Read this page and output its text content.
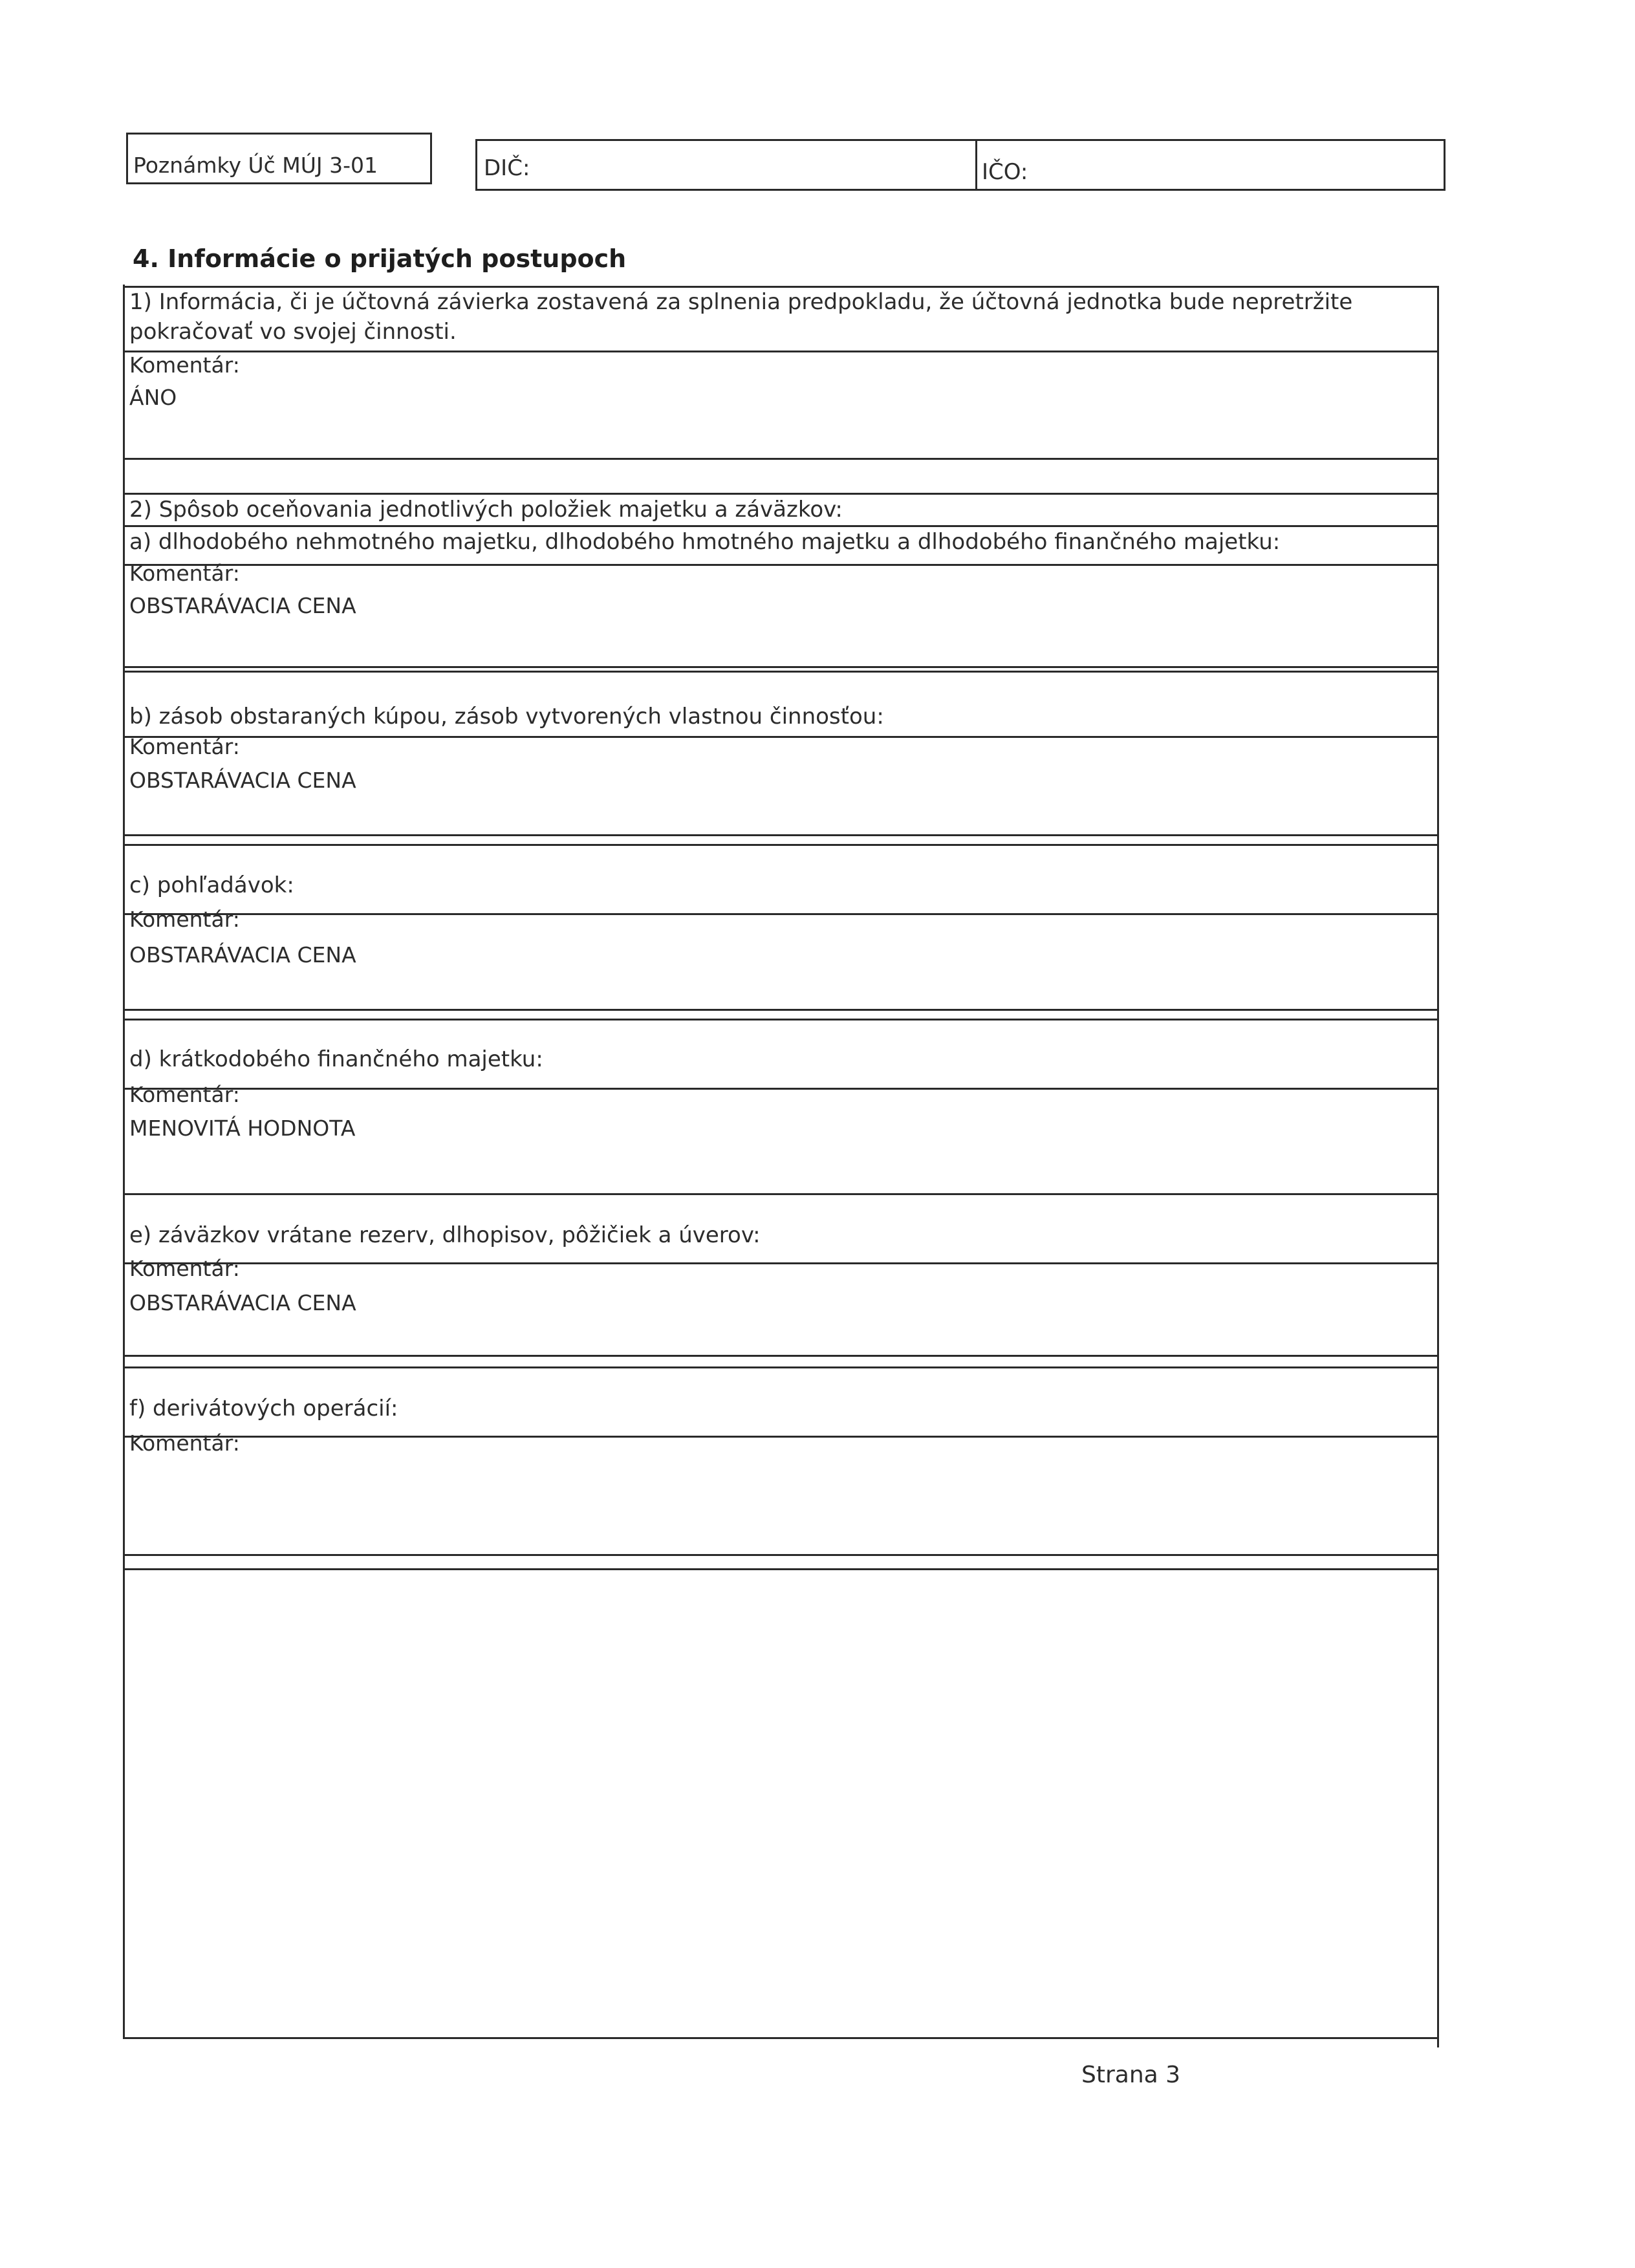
Poznámky Úč MÚJ 3-01	DIČ:	IČO:
4. Informácie o prijatých postupoch
1) Informácia, či je účtovná závierka zostavená za splnenia predpokladu, že účtovná jednotka bude nepretržite
pokračovať vo svojej činnosti.
Komentár:
ÁNO
2) Spôsob oceňovania jednotlivých položiek majetku a záväzkov:
a) dlhodobého nehmotného majetku, dlhodobého hmotného majetku a dlhodobého finančného majetku:
Komentár:
OBSTARÁVACIA CENA
b) zásob obstaraných kúpou, zásob vytvorených vlastnou činnosťou:
Komentár:
OBSTARÁVACIA CENA
c) pohľadávok:
Komentár:
OBSTARÁVACIA CENA
d) krátkodobého finančného majetku:
Komentár:
MENOVITÁ HODNOTA
e) záväzkov vrátane rezerv, dlhopisov, pôžičiek a úverov:
Komentár:
OBSTARÁVACIA CENA
f) derivátových operácií:
Komentár:
Strana 3
